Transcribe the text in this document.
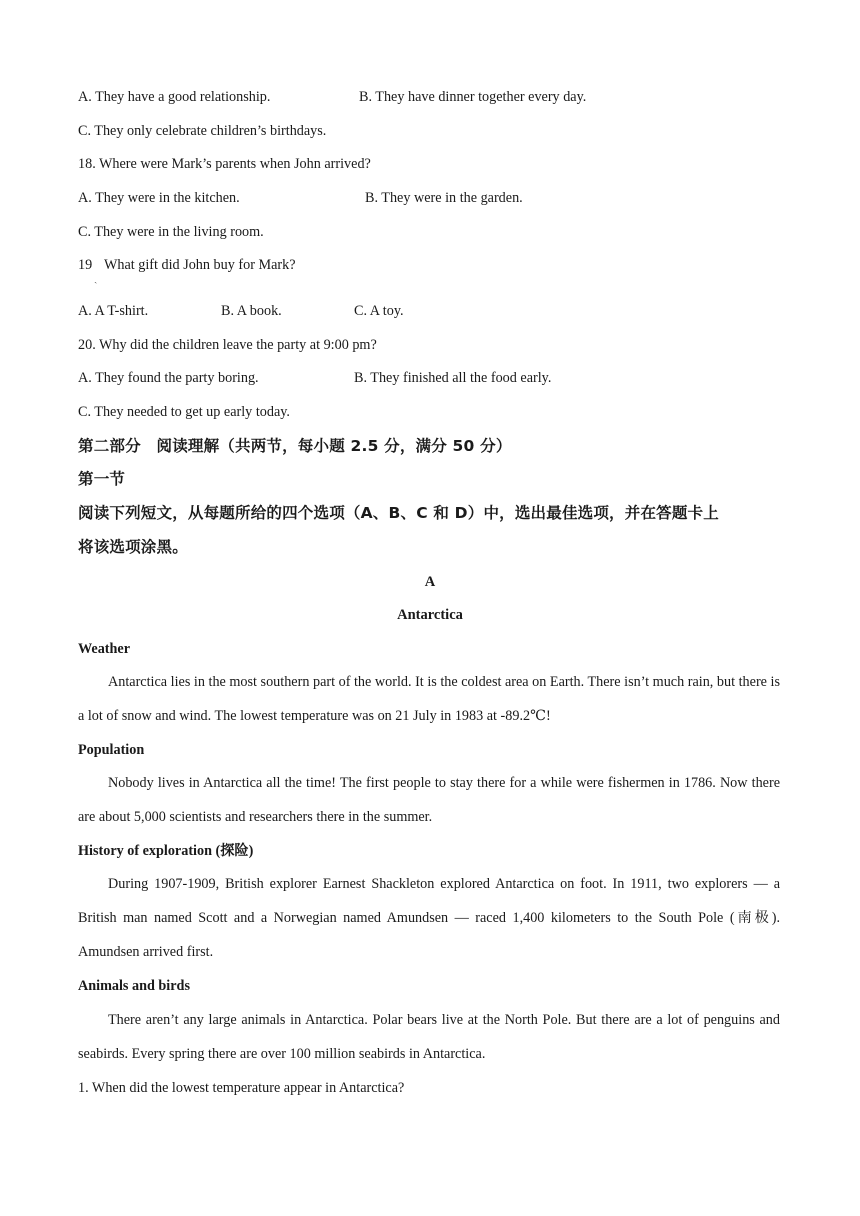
A. They have a good relationship.	B. They have dinner together every day.
C. They only celebrate children’s birthdays.
18. Where were Mark’s parents when John arrived?
A. They were in the kitchen.	B. They were in the garden.
C. They were in the living room.
19
ˎ
What gift did John buy for Mark?
A. A T-shirt.	B. A book.	C. A toy.
20. Why did the children leave the party at 9:00 pm?
A. They found the party boring.	B. They finished all the food early.
C. They needed to get up early today.
第二部分　阅读理解（共两节，每小题 2.5 分，满分 50 分）
第一节
阅读下列短文，从每题所给的四个选项（A、B、C 和 D）中，选出最佳选项，并在答题卡上
将该选项涂黑。
A
Antarctica
Weather
Antarctica lies in the most southern part of the world. It is the coldest area on Earth. There isn’t much rain, but there is a lot of snow and wind. The lowest temperature was on 21 July in 1983 at -89.2℃!
Population
Nobody lives in Antarctica all the time! The first people to stay there for a while were fishermen in 1786. Now there are about 5,000 scientists and researchers there in the summer.
History of exploration (探险)
During 1907-1909, British explorer Earnest Shackleton explored Antarctica on foot. In 1911, two explorers — a British man named Scott and a Norwegian named Amundsen — raced 1,400 kilometers to the South Pole (南极). Amundsen arrived first.
Animals and birds
There aren’t any large animals in Antarctica. Polar bears live at the North Pole. But there are a lot of penguins and seabirds. Every spring there are over 100 million seabirds in Antarctica.
1. When did the lowest temperature appear in Antarctica?
